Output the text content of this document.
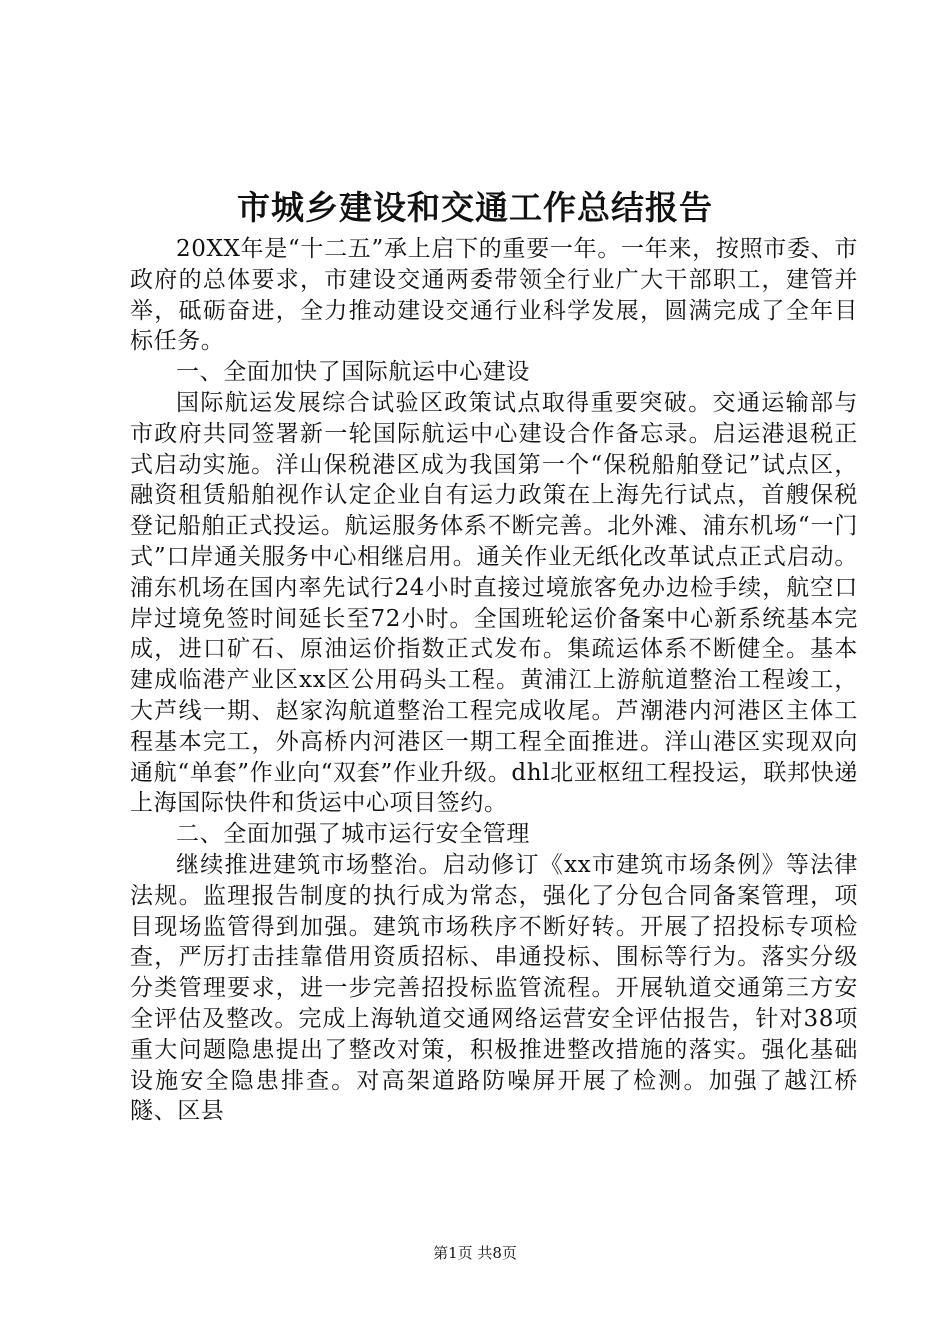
市城乡建设和交通工作总结报告

20XX年是“十二五”承上启下的重要一年。一年来，按照市委、市政府的总体要求，市建设交通两委带领全行业广大干部职工，建管并举，砥砺奋进，全力推动建设交通行业科学发展，圆满完成了全年目标任务。

一、全面加快了国际航运中心建设

国际航运发展综合试验区政策试点取得重要突破。交通运输部与市政府共同签署新一轮国际航运中心建设合作备忘录。启运港退税正式启动实施。洋山保税港区成为我国第一个“保税船舶登记”试点区，融资租赁船舶视作认定企业自有运力政策在上海先行试点，首艘保税登记船舶正式投运。航运服务体系不断完善。北外滩、浦东机场“一门式”口岸通关服务中心相继启用。通关作业无纸化改革试点正式启动。浦东机场在国内率先试行24小时直接过境旅客免办边检手续，航空口岸过境免签时间延长至72小时。全国班轮运价备案中心新系统基本完成，进口矿石、原油运价指数正式发布。集疏运体系不断健全。基本建成临港产业区xx区公用码头工程。黄浦江上游航道整治工程竣工，大芦线一期、赵家沟航道整治工程完成收尾。芦潮港内河港区主体工程基本完工，外高桥内河港区一期工程全面推进。洋山港区实现双向通航“单套”作业向“双套”作业升级。dhl北亚枢纽工程投运，联邦快递上海国际快件和货运中心项目签约。

二、全面加强了城市运行安全管理

继续推进建筑市场整治。启动修订《xx市建筑市场条例》等法律法规。监理报告制度的执行成为常态，强化了分包合同备案管理，项目现场监管得到加强。建筑市场秩序不断好转。开展了招投标专项检查，严厉打击挂靠借用资质招标、串通投标、围标等行为。落实分级分类管理要求，进一步完善招投标监管流程。开展轨道交通第三方安全评估及整改。完成上海轨道交通网络运营安全评估报告，针对38项重大问题隐患提出了整改对策，积极推进整改措施的落实。强化基础设施安全隐患排查。对高架道路防噪屏开展了检测。加强了越江桥隧、区县

第1页 共8页
